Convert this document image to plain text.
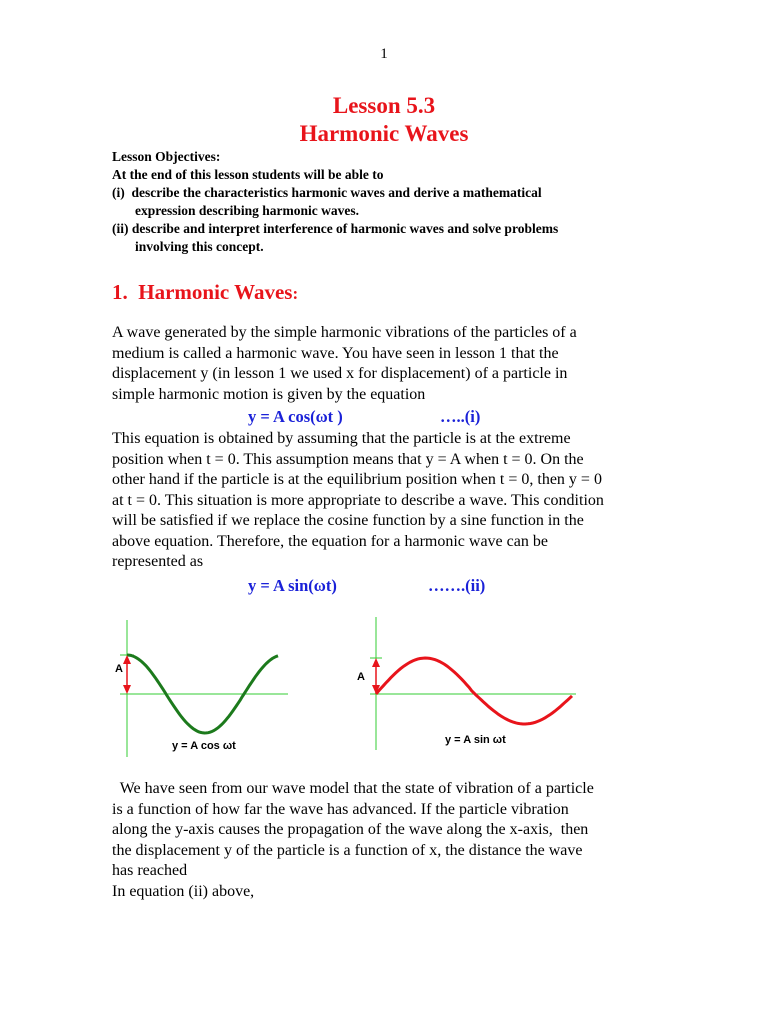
1
Lesson 5.3
Harmonic Waves
Lesson Objectives:
At the end of this lesson students will be able to
(i)  describe the characteristics harmonic waves and derive a mathematical
expression describing harmonic waves.
(ii) describe and interpret interference of harmonic waves and solve problems
involving this concept.
1.  Harmonic Waves:
A wave generated by the simple harmonic vibrations of the particles of a
medium is called a harmonic wave. You have seen in lesson 1 that the
displacement y (in lesson 1 we used x for displacement) of a particle in
simple harmonic motion is given by the equation
y = A cos(ωt )	…..(i)
This equation is obtained by assuming that the particle is at the extreme
position when t = 0. This assumption means that y = A when t = 0. On the
other hand if the particle is at the equilibrium position when t = 0, then y = 0
at t = 0. This situation is more appropriate to describe a wave. This condition
will be satisfied if we replace the cosine function by a sine function in the
above equation. Therefore, the equation for a harmonic wave can be
represented as
y = A sin(ωt)	…….(ii)
A
y = A cos ωt
A
y = A sin ωt
We have seen from our wave model that the state of vibration of a particle
is a function of how far the wave has advanced. If the particle vibration
along the y-axis causes the propagation of the wave along the x-axis,  then
the displacement y of the particle is a function of x, the distance the wave
has reached
In equation (ii) above,
